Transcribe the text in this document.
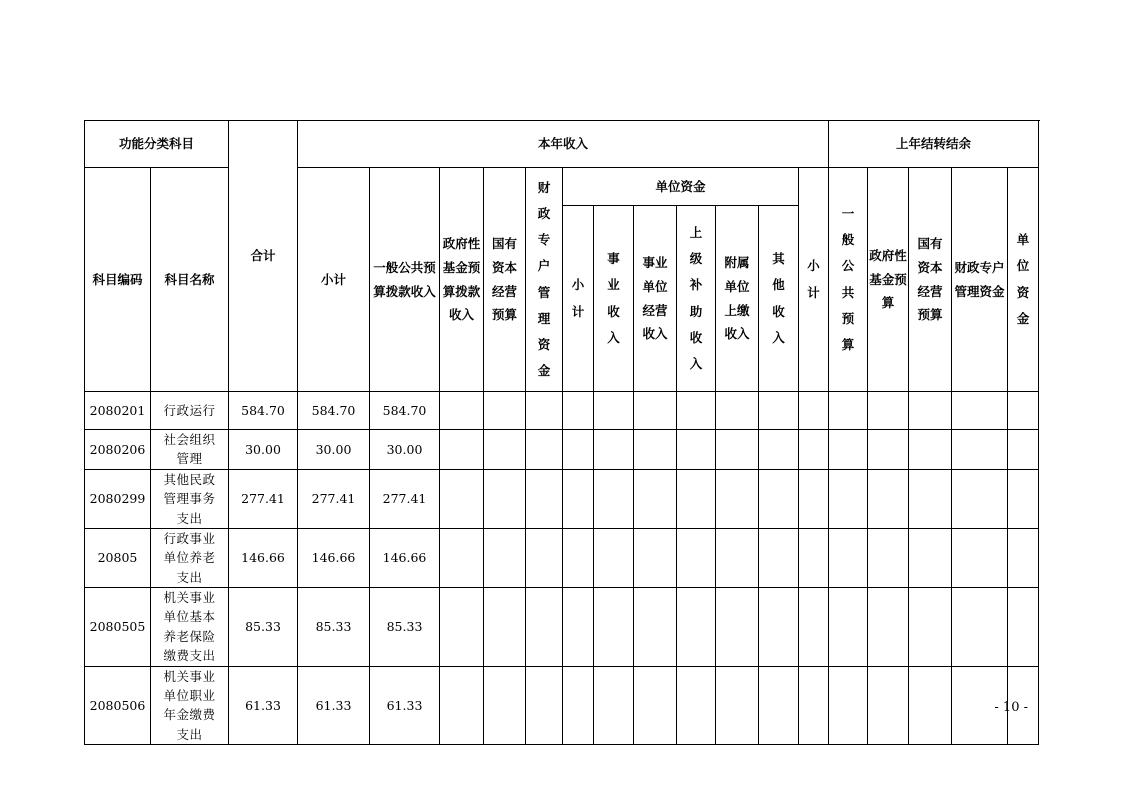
功能分类科目		合计	本年收入												上年结转结余				
科目编码	科目名称		小计	一般公共预算拨款收入	政府性基金预算拨款收入	国有资本经营预算	财政专户管理资金	单位资金						小计	一般公共预算	政府性基金预算	国有资本经营预算	财政专户管理资金	单位资金
								小计	事业收入	事业单位经营收入	上级补助收入	附属单位上缴收入	其他收入						
2080201	行政运行	584.70	584.70	584.70															
2080206	社会组织管理	30.00	30.00	30.00															
2080299	其他民政管理事务支出	277.41	277.41	277.41															
20805	行政事业单位养老支出	146.66	146.66	146.66															
2080505	机关事业单位基本养老保险缴费支出	85.33	85.33	85.33															
2080506	机关事业单位职业年金缴费支出	61.33	61.33	61.33																- 10 -
